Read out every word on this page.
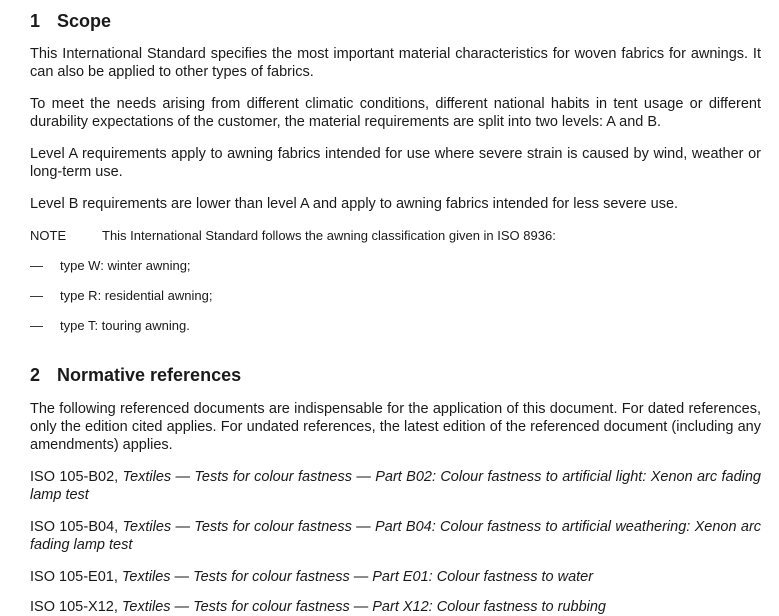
1 Scope

This International Standard specifies the most important material characteristics for woven fabrics for awnings. It can also be applied to other types of fabrics.

To meet the needs arising from different climatic conditions, different national habits in tent usage or different durability expectations of the customer, the material requirements are split into two levels: A and B.

Level A requirements apply to awning fabrics intended for use where severe strain is caused by wind, weather or long-term use.

Level B requirements are lower than level A and apply to awning fabrics intended for less severe use.

NOTE	This International Standard follows the awning classification given in ISO 8936:

— type W: winter awning;

— type R: residential awning;

— type T: touring awning.

2 Normative references

The following referenced documents are indispensable for the application of this document. For dated references, only the edition cited applies. For undated references, the latest edition of the referenced document (including any amendments) applies.

ISO 105-B02, Textiles — Tests for colour fastness — Part B02: Colour fastness to artificial light: Xenon arc fading lamp test

ISO 105-B04, Textiles — Tests for colour fastness — Part B04: Colour fastness to artificial weathering: Xenon arc fading lamp test

ISO 105-E01, Textiles — Tests for colour fastness — Part E01: Colour fastness to water

ISO 105-X12, Textiles — Tests for colour fastness — Part X12: Colour fastness to rubbing
